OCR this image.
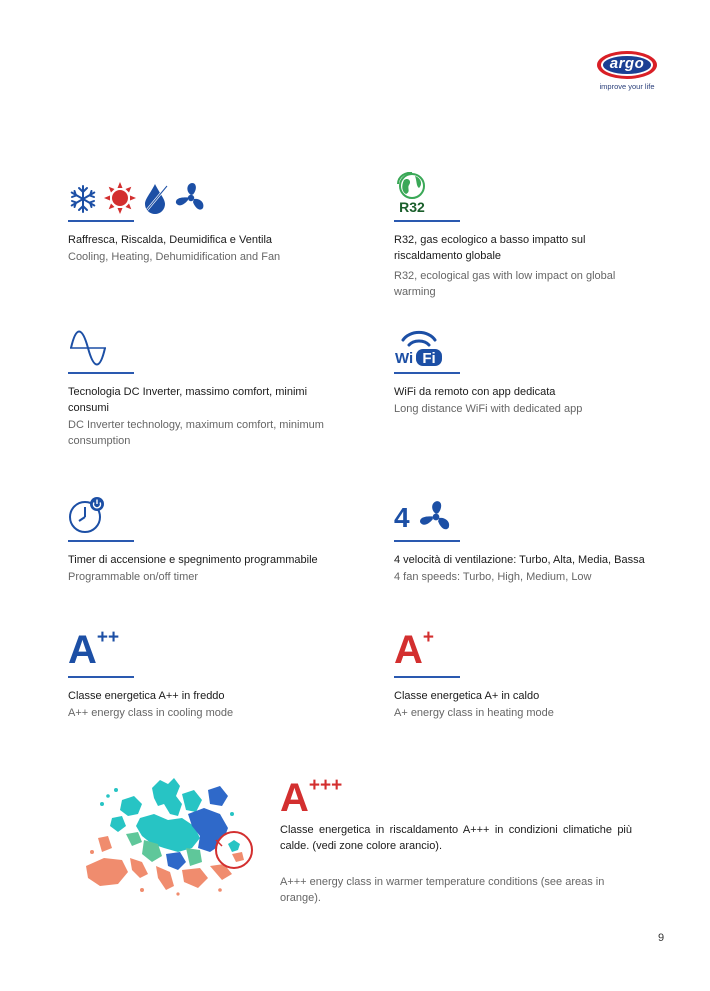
argo
improve your life
Raffresca, Riscalda, Deumidifica e Ventila
Cooling, Heating, Dehumidification and Fan
R32
R32, gas ecologico a basso impatto sul riscaldamento globale
R32, ecological gas with low impact on global warming
Tecnologia DC Inverter, massimo comfort, minimi consumi
DC Inverter technology, maximum comfort, minimum consumption
Wi Fi
WiFi da remoto con app dedicata
Long distance WiFi with dedicated app
Timer di accensione e spegnimento programmabile
Programmable on/off timer
4
4 velocità di ventilazione: Turbo, Alta, Media, Bassa
4 fan speeds: Turbo, High, Medium, Low
A++
Classe energetica A++ in freddo
A++ energy class in cooling mode
A+
Classe energetica A+ in caldo
A+ energy class in heating mode
A+++
Classe energetica in riscaldamento A+++ in condizioni climatiche più calde. (vedi zone colore arancio).
A+++ energy class in warmer temperature conditions (see areas in orange).
9
